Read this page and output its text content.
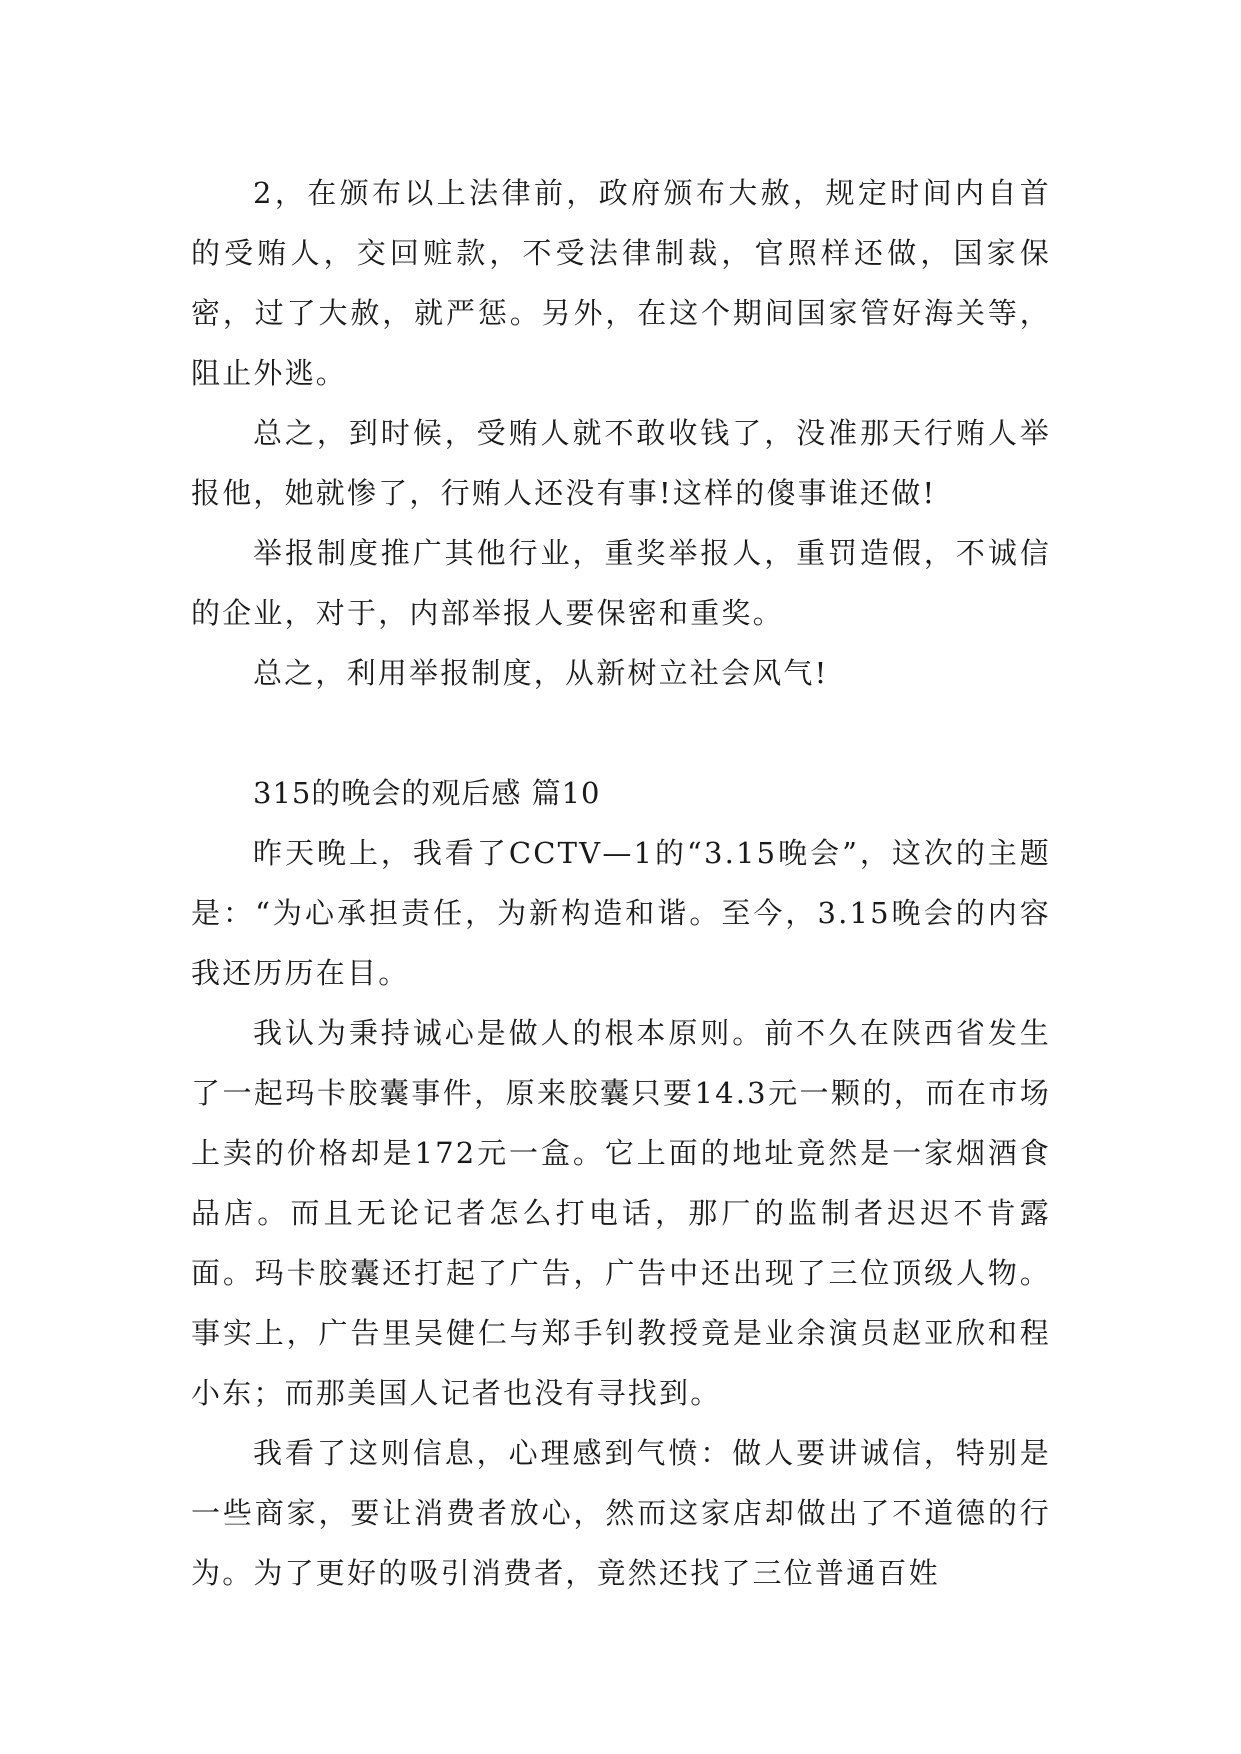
2，在颁布以上法律前，政府颁布大赦，规定时间内自首的受贿人，交回赃款，不受法律制裁，官照样还做，国家保密，过了大赦，就严惩。另外，在这个期间国家管好海关等，阻止外逃。

总之，到时候，受贿人就不敢收钱了，没准那天行贿人举报他，她就惨了，行贿人还没有事!这样的傻事谁还做!

举报制度推广其他行业，重奖举报人，重罚造假，不诚信的企业，对于，内部举报人要保密和重奖。

总之，利用举报制度，从新树立社会风气!

315的晚会的观后感 篇10

昨天晚上，我看了CCTV—1的“3.15晚会”，这次的主题是：“为心承担责任，为新构造和谐。至今，3.15晚会的内容我还历历在目。

我认为秉持诚心是做人的根本原则。前不久在陕西省发生了一起玛卡胶囊事件，原来胶囊只要14.3元一颗的，而在市场上卖的价格却是172元一盒。它上面的地址竟然是一家烟酒食品店。而且无论记者怎么打电话，那厂的监制者迟迟不肯露面。玛卡胶囊还打起了广告，广告中还出现了三位顶级人物。事实上，广告里吴健仁与郑手钊教授竟是业余演员赵亚欣和程小东；而那美国人记者也没有寻找到。

我看了这则信息，心理感到气愤：做人要讲诚信，特别是一些商家，要让消费者放心，然而这家店却做出了不道德的行为。为了更好的吸引消费者，竟然还找了三位普通百姓
